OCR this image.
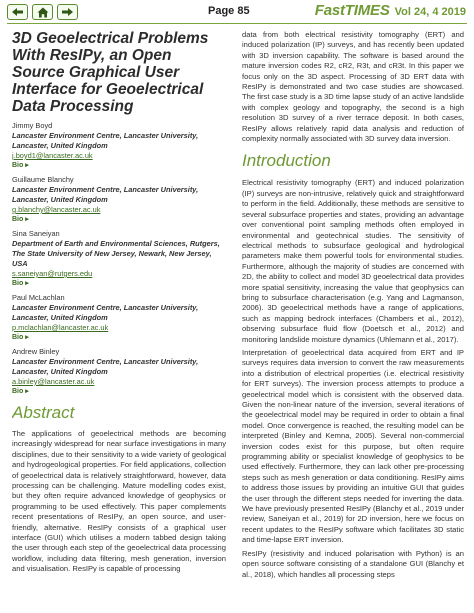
Page 85	FastTIMES Vol 24, 4 2019
3D Geoelectrical Problems With ResIPy, an Open Source Graphical User Interface for Geoelectrical Data Processing
Jimmy Boyd
Lancaster Environment Centre, Lancaster University, Lancaster, United Kingdom
j.boyd1@lancaster.ac.uk
Bio ▸
Guillaume Blanchy
Lancaster Environment Centre, Lancaster University, Lancaster, United Kingdom
g.blanchy@lancaster.ac.uk
Bio ▸
Sina Saneiyan
Department of Earth and Environmental Sciences, Rutgers, The State University of New Jersey, Newark, New Jersey, USA
s.saneiyan@rutgers.edu
Bio ▸
Paul McLachlan
Lancaster Environment Centre, Lancaster University, Lancaster, United Kingdom
p.mclachlan@lancaster.ac.uk
Bio ▸
Andrew Binley
Lancaster Environment Centre, Lancaster University, Lancaster, United Kingdom
a.binley@lancaster.ac.uk
Bio ▸
Abstract

The applications of geoelectrical methods are becoming increasingly widespread for near surface investigations in many disciplines, due to their sensitivity to a wide variety of geological and hydrogeological properties. For field applications, collection of geoelectrical data is relatively straightforward, however, data processing can be challenging. Mature modelling codes exist, but they often require advanced knowledge of geophysics or programming to be used effectively. This paper complements recent presentations of ResIPy, an open source, and user-friendly, alternative. ResIPy consists of a graphical user interface (GUI) which utilises a modern tabbed design taking the user through each step of the geoelectrical data processing workflow, including data filtering, mesh generation, inversion and visualisation. ResIPy is capable of processing

data from both electrical resistivity tomography (ERT) and induced polarization (IP) surveys, and has recently been updated with 3D inversion capability. The software is based around the mature inversion codes R2, cR2, R3t, and cR3t. In this paper we focus only on the 3D aspect. Processing of 3D ERT data with ResIPy is demonstrated and two case studies are showcased. The first case study is a 3D time lapse study of an active landslide with complex geology and topography, the second is a high resolution 3D survey of a river terrace deposit. In both cases, ResIPy allows relatively rapid data analysis and reduction of complexity normally associated with 3D survey data inversion.

Introduction

Electrical resistivity tomography (ERT) and induced polarization (IP) surveys are non-intrusive, relatively quick and straightforward to perform in the field. Additionally, these methods are sensitive to several subsurface properties and states, providing an advantage over conventional point sampling methods often employed in environmental and geotechnical studies. The sensitivity of electrical methods to subsurface geological and hydrological parameters make them powerful tools for environmental studies. Furthermore, although the majority of studies are concerned with 2D, the ability to collect and model 3D geoelectrical data provides more spatial sensitivity, increasing the value that geophysics can bring to subsurface characterisation (e.g. Yang and Lagmanson, 2006). 3D geoelectrical methods have a range of applications, such as mapping bedrock interfaces (Chambers et al., 2012), observing subsurface fluid flow (Doetsch et al., 2012) and monitoring landslide moisture dynamics (Uhlemann et al., 2017).

Interpretation of geoelectrical data acquired from ERT and IP surveys requires data inversion to convert the raw measurements into a distribution of electrical properties (i.e. electrical resistivity for ERT surveys). The inversion process attempts to produce a geoelectrical model which is consistent with the observed data. Given the non-linear nature of the inversion, several iterations of the geoelectrical model may be required in order to obtain a final model. Once convergence is reached, the resulting model can be interpreted (Binley and Kemna, 2005). Several non-commercial inversion codes exist for this purpose, but often require programming ability or specialist knowledge of geophysics to be used effectively. Furthermore, they can lack other pre-processing steps such as mesh generation or data conditioning. ResIPy aims to address those issues by providing an intuitive GUI that guides the user through the different steps needed for inverting the data. We have previously presented ResIPy (Blanchy et al., 2019 under review, Saneiyan et al., 2019) for 2D inversion, here we focus on recent updates to the ResIPy software which facilitates 3D static and time-lapse ERT inversion.

ResIPy (resistivity and induced polarisation with Python) is an open source software consisting of a standalone GUI (Blanchy et al., 2018), which handles all processing steps
